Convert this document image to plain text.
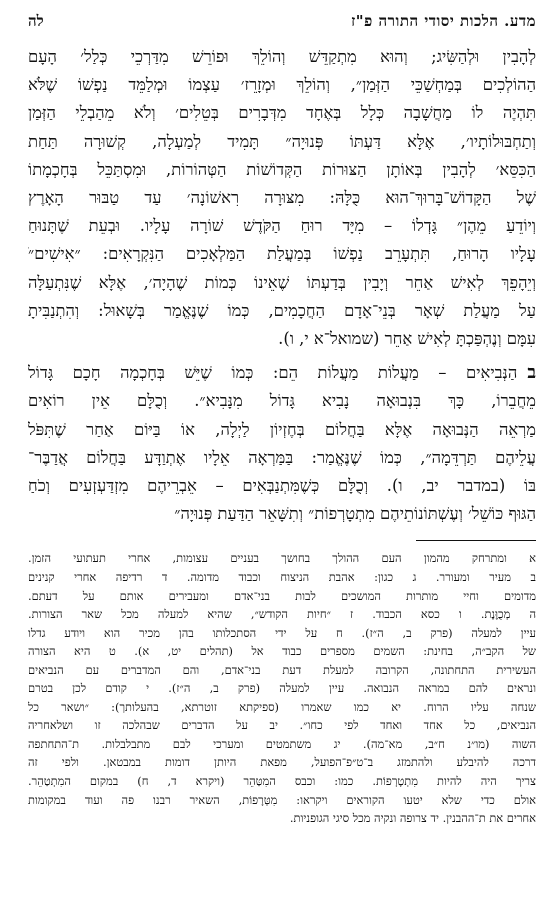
מדע. הלכות יסודי התורה פ"ז
לה
לְהָבִין וּלְהַשִּׂיג; וְהוּא מִתְקַדֵּשׁ וְהוֹלֵךְ וּפוֹרֵשׁ מִדַּרְכֵי כְּלַל׳ הָעָם
הַהוֹלְכִים בְּמַחְשַׁכֵּי הַזְּמַן״, וְהוֹלֵךְ וּמְזָרֵז׳ עַצְמוֹ וּמְלַמֵּד נַפְשׁוֹ שֶׁלֹּא
תִּהְיֶה לוֹ מַחֲשָׁבָה כְּלָל בְּאֶחָד מִדְּבָרִים בְּטֵלִים׳ וְלֹא מֵהַבְלֵי הַזְּמַן
וְתַחְבּוּלוֹתָיו׳, אֶלָּא דַּעְתּוֹ פְּנוּיָה״ תָּמִיד לְמַעְלָה, קְשׁוּרָה תַּחַת
הַכִּסֵּא׳ לְהָבִין בְּאוֹתָן הַצּוּרוֹת הַקְּדוֹשׁוֹת הַטְּהוֹרוֹת, וּמִסְתַּכֵּל בְּחָכְמָתוֹ
שֶׁל הַקָּדוֹשׁ־בָּרוּךְ־הוּא כֻּלָּהּ: מִצּוּרָה רִאשׁוֹנָה׳ עַד טַבּוּר הָאָרֶץ
וְיוֹדֵעַ מֵהֶן״ גָּדְלוֹ – מִיָּד רוּחַ הַקֹּדֶשׁ שׁוֹרָה עָלָיו. וּבְעֵת שֶׁתָּנוּחַ
עָלָיו הָרוּחַ, תִּתְעָרֵב נַפְשׁוֹ בְּמַעֲלַת הַמַּלְאָכִים הַנִּקְרָאִים: ״אִישִׁים״ׁ
וְיֵהָפֵךְ לְאִישׁ אַחֵר וְיָבִין בְּדַעְתּוֹ שֶׁאֵינוֹ כְּמוֹת שֶׁהָיָה׳, אֶלָּא שֶׁנִּתְעַלָּה
עַל מַעֲלַת שְׁאָר בְּנֵי־אָדָם הַחֲכָמִים, כְּמוֹ שֶׁנֶּאֱמַר בְּשָׁאוּל: וְהִתְנַבִּיתָ
עִמָּם וְנֶהְפַּכְתָּ לְאִישׁ אַחֵר (שמואל־א י, ו).
בהַנְּבִיאִים – מַעֲלוֹת מַעֲלוֹת הֵם: כְּמוֹ שֶׁיֵּשׁ בְּחָכְמָה חָכָם גָּדוֹל
מֵחֲבֵרוֹ, כָּךְ בִּנְבוּאָה נָבִיא גָּדוֹל מִנָּבִיא״. וְכֻלָּם אֵין רוֹאִים
מַרְאֵה הַנְּבוּאָה אֶלָּא בַּחֲלוֹם בְּחֶזְיוֹן לַיְלָה, אוֹ בַּיּוֹם אַחַר שֶׁתִּפֹּל
עֲלֵיהֶם תַּרְדֵּמָה״, כְּמוֹ שֶׁנֶּאֱמַר: בַּמַּרְאָה אֵלָיו אֶתְוַדָּע בַּחֲלוֹם אֲדַבֶּר־
בּוֹ (במדבר יב, ו). וְכֻלָּם כְּשֶׁמִּתְנַבְּאִים – אֵבְרֵיהֶם מִזְדַּעְזְעִים וְכֹחַ
הַגּוּף כּוֹשֵׁל׳ וְעֶשְׁתּוֹנוֹתֵיהֶם מִתְטָרְפוֹת״ וְתִשָּׁאֵר הַדַּעַת פְּנוּיָה״
א ומתרחק מהמון העם ההולך בחושך בעניים עצומות, אחרי תעתועי הזמן.
ב מעיר ומעורר. ג כגון: אהבת הניצוח וכבוד מדומה. ד רדיפה אחרי קנינים
מדומים וחיי מותרות המושכים לבות בני־אדם ומעבירים אותם על דעתם.
ה מְכֻוֶּנֶת. ו כסא הכבוד. ז ״חיות הקודש״, שהיא למעלה מכל שאר הצורות.
עיין למעלה (פרק ב, ה״ז). ח על ידי הסתכלותו בהן מכיר הוא ויודע גדלו
של הקב״ה, בחינת: השמים מספרים כבוד אל (תהלים יט, א). ט היא הצורה
העשירית התחתונה, הקרובה למעלת דעת בני־אדם, והם המדברים עם הנביאים
ונראים להם במראה הנבואה. עיין למעלה (פרק ב, ה״ז). י קודם לכן בטרם
שנחה עליו הרוח. יא כמו שאמרו (ספיקתא זוטרתא, בהעלותך): ״ושאר כל
הנביאים, כל אחד ואחד לפי כחו״. יב על הדברים שבהלכה זו ושלאחריה
השוה (מו״נ ח״ב, מא־מה). יג משתמטים ומערכי לבם מתבלבלות. ת־התחתפה
דרכה להיבלע ולהתמזג ב־ט״פ־הפועל, מפאת היותן דומות במבטאן. ולפי זה
צריך היה להיות מִתְטָרְפוֹת. כמו: וכבס המִטַּהֵר (ויקרא ד, ח) במקום המִתְטַהֵר.
אולם כדי שלא יטעו הקוראים ויקראו: מִטְּרָפוֹת, השאיר רבנו פה ועוד במקומות
אחרים את ת־ההבנין. יד צרופה ונקיה מכל סיגי הגופניות.
